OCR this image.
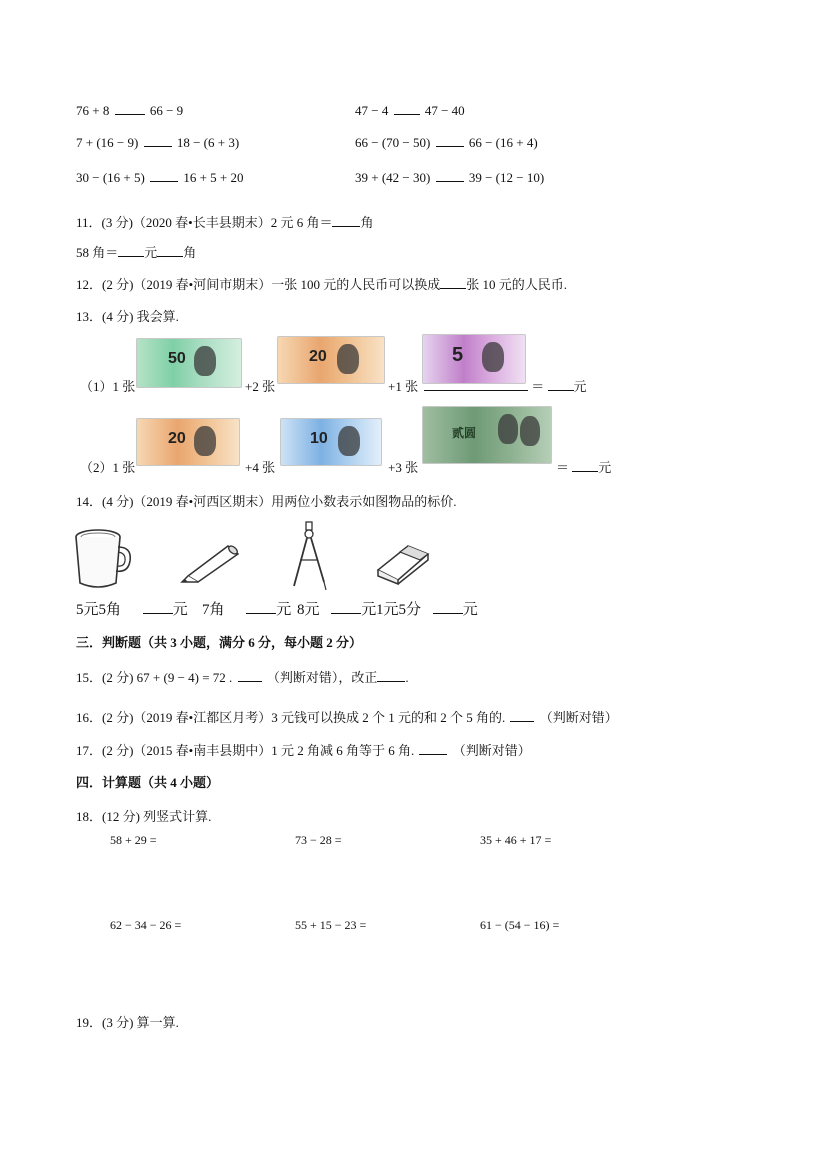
76 + 8	66 − 9	47 − 4	47 − 40
7 + (16 − 9)	18 − (6 + 3)	66 − (70 − 50)	66 − (16 + 4)
30 − (16 + 5)	16 + 5 + 20	39 + (42 − 30)	39 − (12 − 10)
11．(3 分)（2020 春•长丰县期末）2 元 6 角＝ 角
58 角＝ 元 角
12．(2 分)（2019 春•河间市期末）一张 100 元的人民币可以换成 张 10 元的人民币.
13．(4 分) 我会算.
（1）1 张
50
+2 张
20
+1 张
5
＝ 元
（2）1 张
20
+4 张
10
+3 张
贰圆
＝ 元
14．(4 分)（2019 春•河西区期末）用两位小数表示如图物品的标价.
5元5角	元 7角	元 8元	元 1元5分	元
三．判断题（共 3 小题，满分 6 分，每小题 2 分）
15．(2 分) 67 + (9 − 4) = 72 .	（判断对错），改正 .
16．(2 分)（2019 春•江都区月考）3 元钱可以换成 2 个 1 元的和 2 个 5 角的.	（判断对错）
17．(2 分)（2015 春•南丰县期中）1 元 2 角减 6 角等于 6 角.	（判断对错）
四．计算题（共 4 小题）
18．(12 分) 列竖式计算.
58 + 29 =	73 − 28 =	35 + 46 + 17 =
62 − 34 − 26 =	55 + 15 − 23 =	61 − (54 − 16) =
19．(3 分) 算一算.
